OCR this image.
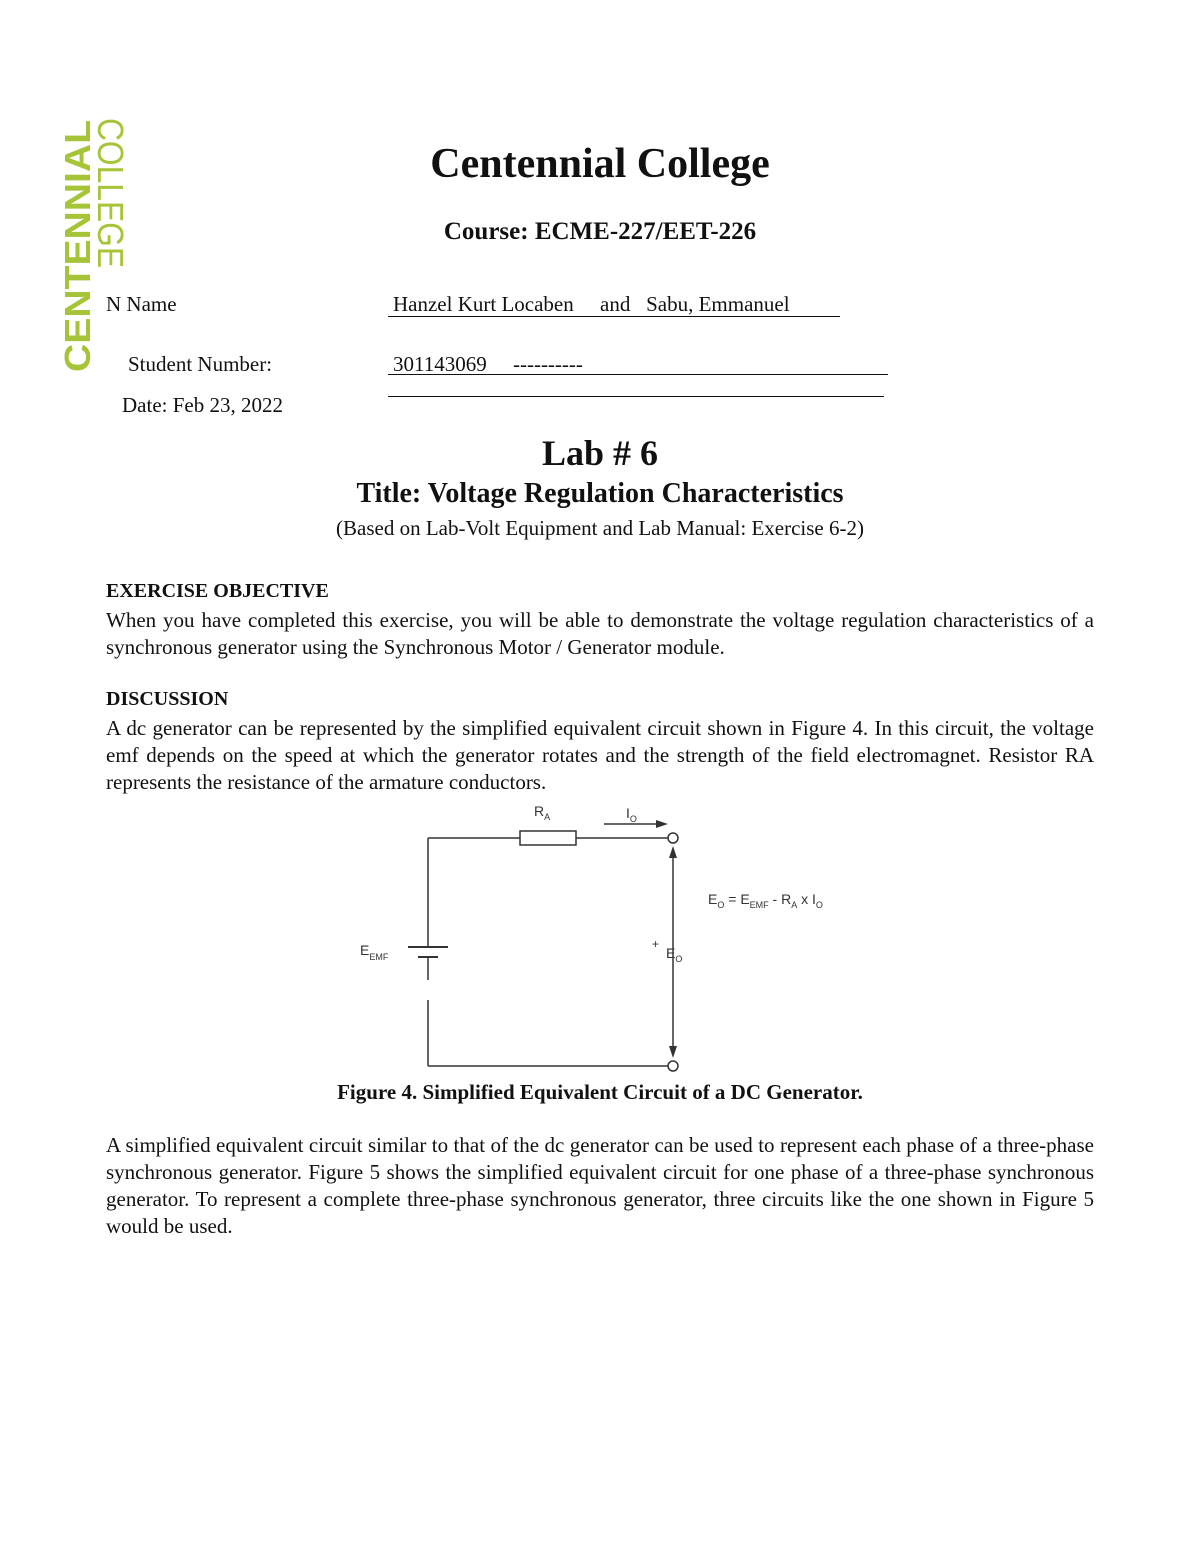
CENTENNIAL
COLLEGE	Centennial College
Course: ECME-227/EET-226
N Name	Hanzel Kurt Locaben     and   Sabu, Emmanuel
Student Number:	301143069     ----------
Date: Feb 23, 2022
Lab # 6
Title: Voltage Regulation Characteristics
(Based on Lab-Volt Equipment and Lab Manual: Exercise 6-2)
EXERCISE OBJECTIVE
When you have completed this exercise, you will be able to demonstrate the voltage regulation characteristics of a synchronous generator using the Synchronous Motor / Generator module.
DISCUSSION
A dc generator can be represented by the simplified equivalent circuit shown in Figure 4. In this circuit, the voltage emf depends on the speed at which the generator rotates and the strength of the field electromagnet. Resistor RA represents the resistance of the armature conductors.
$R_A$	$I_O$
$E_{EMF}$
+
$E_O$
$E_O = E_{EMF} - R_A$ x $I_O$
Figure 4. Simplified Equivalent Circuit of a DC Generator.
A simplified equivalent circuit similar to that of the dc generator can be used to represent each phase of a three-phase synchronous generator. Figure 5 shows the simplified equivalent circuit for one phase of a three-phase synchronous generator. To represent a complete three-phase synchronous generator, three circuits like the one shown in Figure 5 would be used.
